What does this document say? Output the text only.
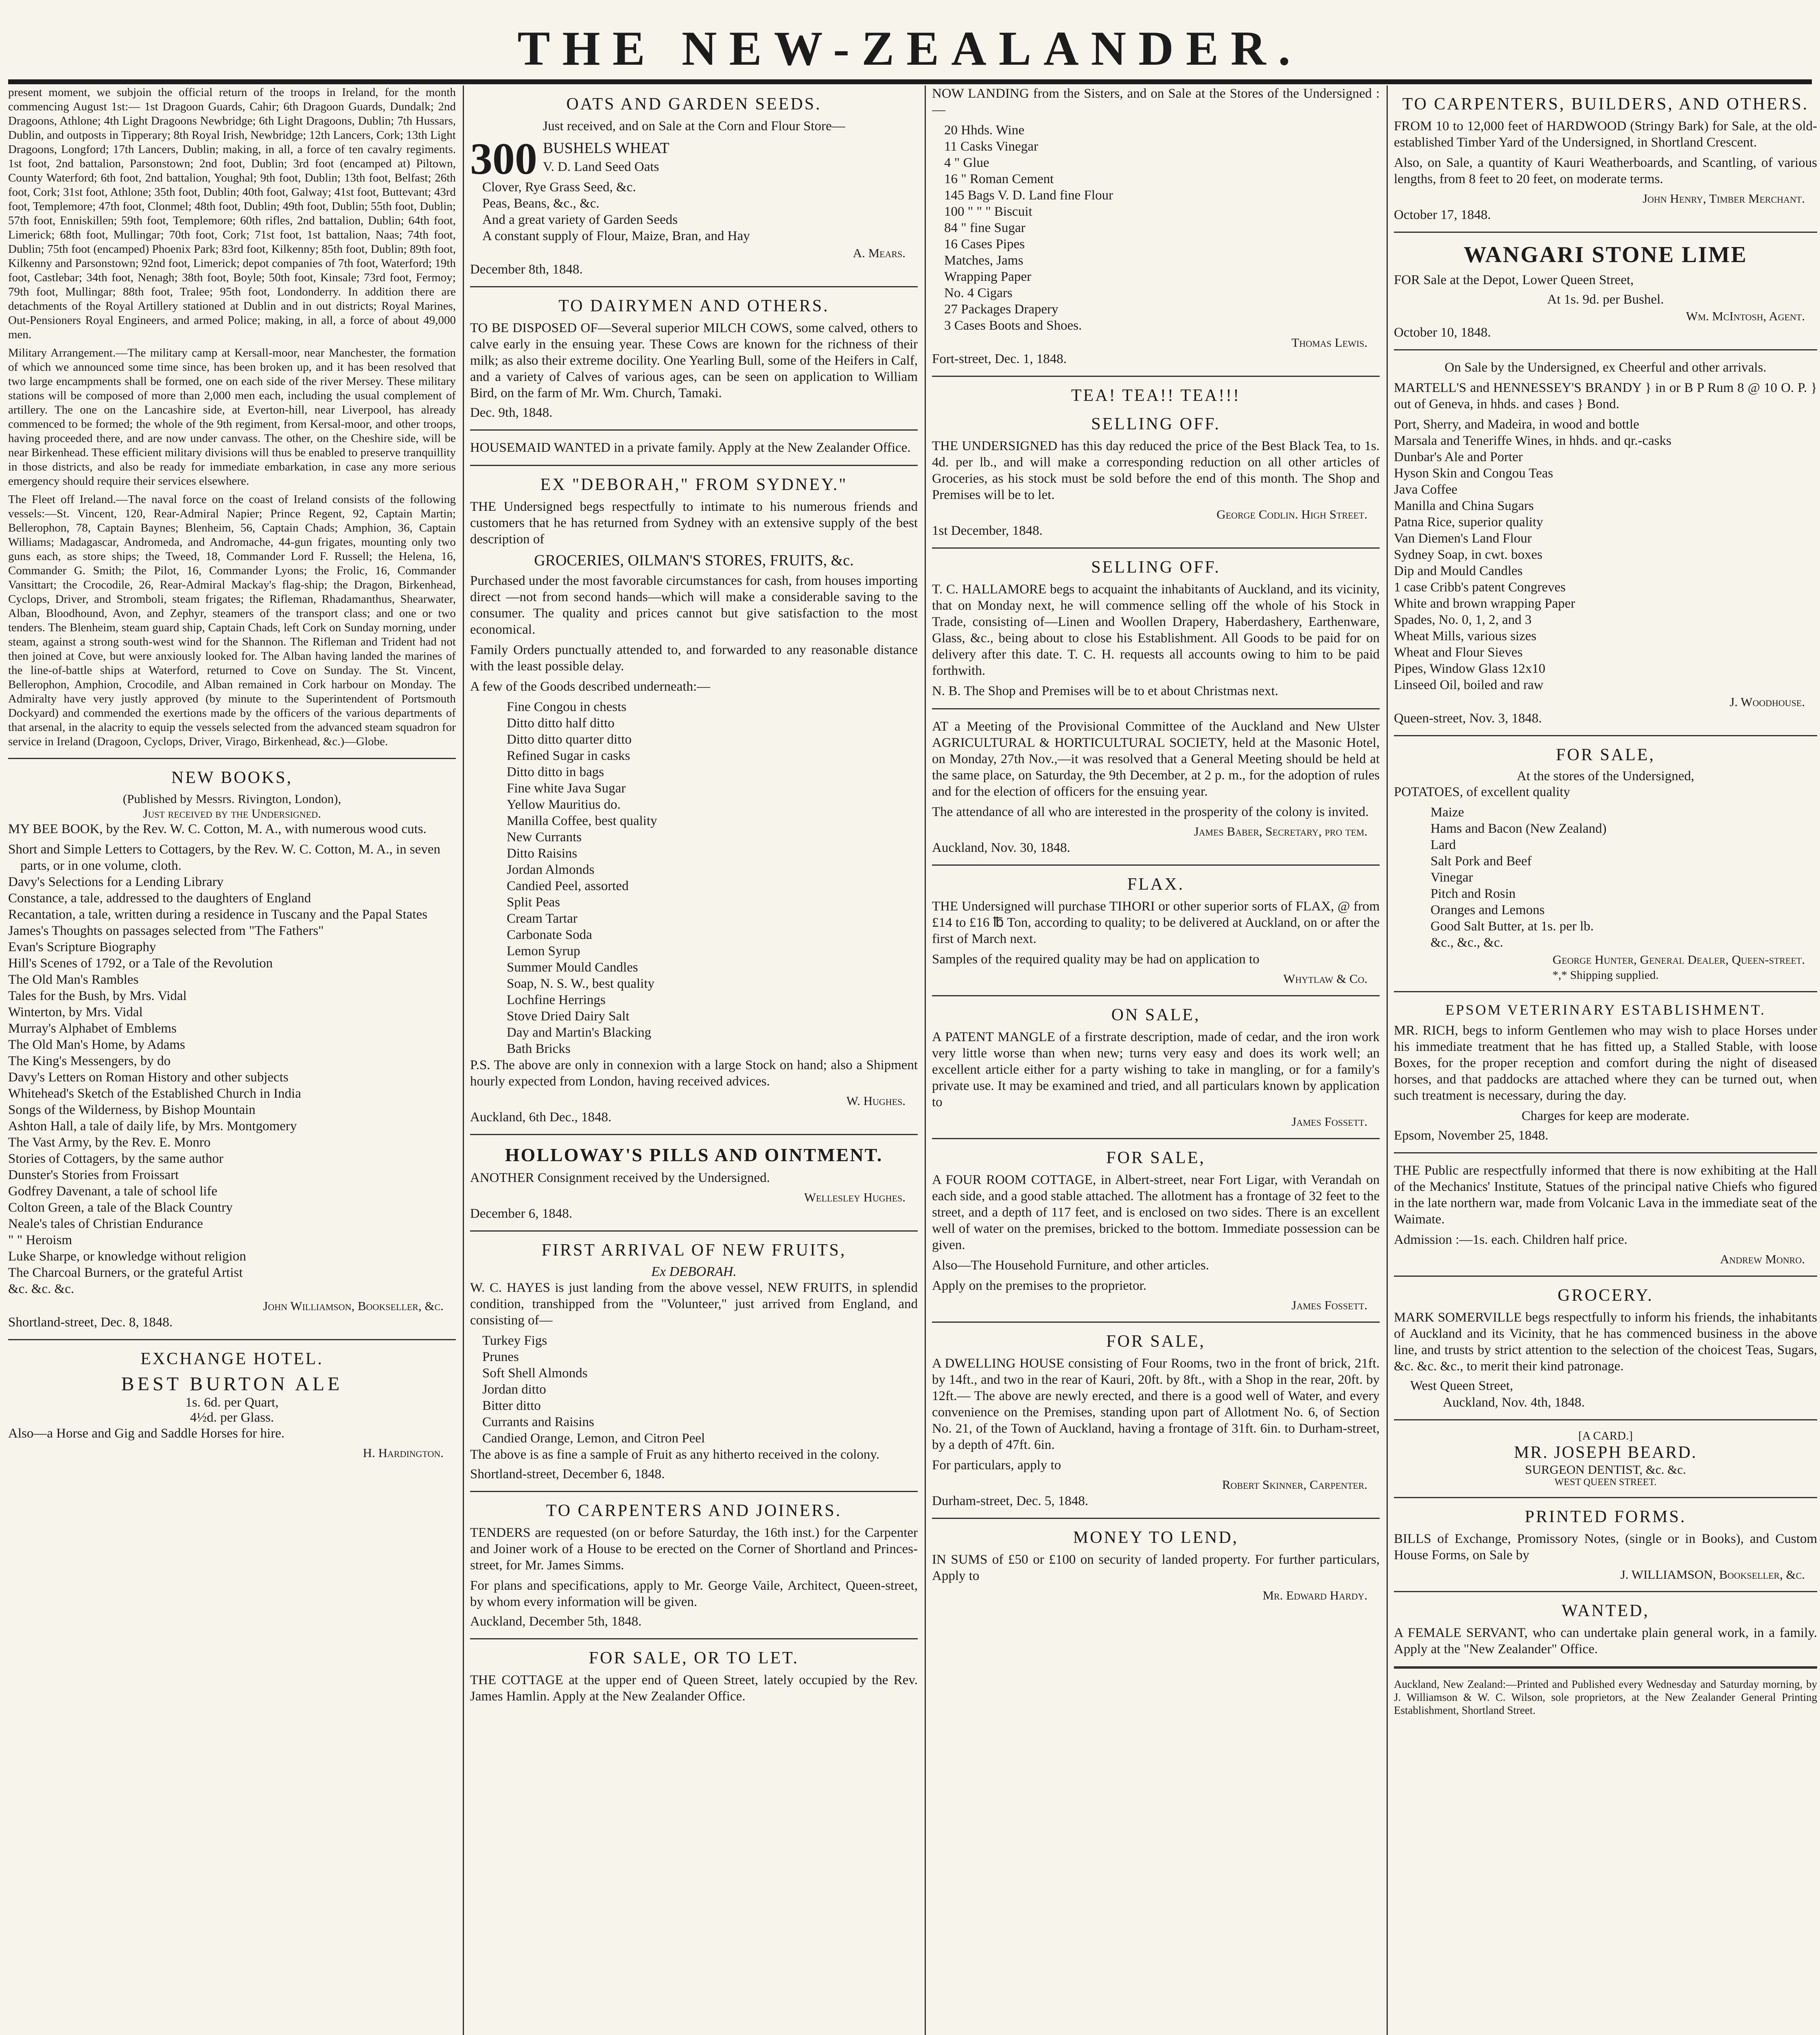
THE NEW-ZEALANDER.

present moment, we subjoin the official return of the troops in Ireland, for the month commencing August 1st:— 1st Dragoon Guards, Cahir; 6th Dragoon Guards, Dundalk; 2nd Dragoons, Athlone; 4th Light Dragoons Newbridge; 6th Light Dragoons, Dublin; 7th Hussars, Dublin, and outposts in Tipperary; 8th Royal Irish, Newbridge; 12th Lancers, Cork; 13th Light Dragoons, Longford; 17th Lancers, Dublin; making, in all, a force of ten cavalry regiments. 1st foot, 2nd battalion, Parsonstown; 2nd foot, Dublin; 3rd foot (encamped at) Piltown, County Waterford; 6th foot, 2nd battalion, Youghal; 9th foot, Dublin; 13th foot, Belfast; 26th foot, Cork; 31st foot, Athlone; 35th foot, Dublin; 40th foot, Galway; 41st foot, Buttevant; 43rd foot, Templemore; 47th foot, Clonmel; 48th foot, Dublin; 49th foot, Dublin; 55th foot, Dublin; 57th foot, Enniskillen; 59th foot, Templemore; 60th rifles, 2nd battalion, Dublin; 64th foot, Limerick; 68th foot, Mullingar; 70th foot, Cork; 71st foot, 1st battalion, Naas; 74th foot, Dublin; 75th foot (encamped) Phoenix Park; 83rd foot, Kilkenny; 85th foot, Dublin; 89th foot, Kilkenny and Parsonstown; 92nd foot, Limerick; depot companies of 7th foot, Waterford; 19th foot, Castlebar; 34th foot, Nenagh; 38th foot, Boyle; 50th foot, Kinsale; 73rd foot, Fermoy; 79th foot, Mullingar; 88th foot, Tralee; 95th foot, Londonderry. In addition there are detachments of the Royal Artillery stationed at Dublin and in out districts; Royal Marines, Out-Pensioners Royal Engineers, and armed Police; making, in all, a force of about 49,000 men.

Military Arrangement.—The military camp at Kersall-moor, near Manchester, the formation of which we announced some time since, has been broken up, and it has been resolved that two large encampments shall be formed, one on each side of the river Mersey. These military stations will be composed of more than 2,000 men each, including the usual complement of artillery. The one on the Lancashire side, at Everton-hill, near Liverpool, has already commenced to be formed; the whole of the 9th regiment, from Kersal-moor, and other troops, having proceeded there, and are now under canvass. The other, on the Cheshire side, will be near Birkenhead. These efficient military divisions will thus be enabled to preserve tranquillity in those districts, and also be ready for immediate embarkation, in case any more serious emergency should require their services elsewhere.

The Fleet off Ireland.—The naval force on the coast of Ireland consists of the following vessels:—St. Vincent, 120, Rear-Admiral Napier; Prince Regent, 92, Captain Martin; Bellerophon, 78, Captain Baynes; Blenheim, 56, Captain Chads; Amphion, 36, Captain Williams; Madagascar, Andromeda, and Andromache, 44-gun frigates, mounting only two guns each, as store ships; the Tweed, 18, Commander Lord F. Russell; the Helena, 16, Commander G. Smith; the Pilot, 16, Commander Lyons; the Frolic, 16, Commander Vansittart; the Crocodile, 26, Rear-Admiral Mackay's flag-ship; the Dragon, Birkenhead, Cyclops, Driver, and Stromboli, steam frigates; the Rifleman, Rhadamanthus, Shearwater, Alban, Bloodhound, Avon, and Zephyr, steamers of the transport class; and one or two tenders. The Blenheim, steam guard ship, Captain Chads, left Cork on Sunday morning, under steam, against a strong south-west wind for the Shannon. The Rifleman and Trident had not then joined at Cove, but were anxiously looked for. The Alban having landed the marines of the line-of-battle ships at Waterford, returned to Cove on Sunday. The St. Vincent, Bellerophon, Amphion, Crocodile, and Alban remained in Cork harbour on Monday. The Admiralty have very justly approved (by minute to the Superintendent of Portsmouth Dockyard) and commended the exertions made by the officers of the various departments of that arsenal, in the alacrity to equip the vessels selected from the advanced steam squadron for service in Ireland (Dragoon, Cyclops, Driver, Virago, Birkenhead, &c.)—Globe.

NEW BOOKS,
(Published by Messrs. Rivington, London),
Just received by the Undersigned.

MY BEE BOOK, by the Rev. W. C. Cotton, M. A., with numerous wood cuts.

Short and Simple Letters to Cottagers, by the Rev. W. C. Cotton, M. A., in seven parts, or in one volume, cloth.
Davy's Selections for a Lending Library
Constance, a tale, addressed to the daughters of England
Recantation, a tale, written during a residence in Tuscany and the Papal States
James's Thoughts on passages selected from "The Fathers"
Evan's Scripture Biography
Hill's Scenes of 1792, or a Tale of the Revolution
The Old Man's Rambles
Tales for the Bush, by Mrs. Vidal
Winterton, by Mrs. Vidal
Murray's Alphabet of Emblems
The Old Man's Home, by Adams
The King's Messengers, by do
Davy's Letters on Roman History and other subjects
Whitehead's Sketch of the Established Church in India
Songs of the Wilderness, by Bishop Mountain
Ashton Hall, a tale of daily life, by Mrs. Montgomery
The Vast Army, by the Rev. E. Monro
Stories of Cottagers, by the same author
Dunster's Stories from Froissart
Godfrey Davenant, a tale of school life
Colton Green, a tale of the Black Country
Neale's tales of Christian Endurance
" " Heroism
Luke Sharpe, or knowledge without religion
The Charcoal Burners, or the grateful Artist
&c. &c. &c.
John Williamson, Bookseller, &c.
Shortland-street, Dec. 8, 1848.
EXCHANGE HOTEL.
BEST BURTON ALE
1s. 6d. per Quart,
4½d. per Glass.

Also—a Horse and Gig and Saddle Horses for hire.

H. Hardington.
OATS AND GARDEN SEEDS.

Just received, and on Sale at the Corn and Flour Store—

300 BUSHELS WHEAT
V. D. Land Seed Oats
Clover, Rye Grass Seed, &c.
Peas, Beans, &c., &c.
And a great variety of Garden Seeds
A constant supply of Flour, Maize, Bran, and Hay
A. Mears.
December 8th, 1848.
TO DAIRYMEN AND OTHERS.

TO BE DISPOSED OF—Several superior MILCH COWS, some calved, others to calve early in the ensuing year. These Cows are known for the richness of their milk; as also their extreme docility. One Yearling Bull, some of the Heifers in Calf, and a variety of Calves of various ages, can be seen on application to William Bird, on the farm of Mr. Wm. Church, Tamaki.

Dec. 9th, 1848.

HOUSEMAID WANTED in a private family. Apply at the New Zealander Office.

EX "DEBORAH," FROM SYDNEY."

THE Undersigned begs respectfully to intimate to his numerous friends and customers that he has returned from Sydney with an extensive supply of the best description of

GROCERIES, OILMAN'S STORES, FRUITS, &c.

Purchased under the most favorable circumstances for cash, from houses importing direct —not from second hands—which will make a considerable saving to the consumer. The quality and prices cannot but give satisfaction to the most economical.

Family Orders punctually attended to, and forwarded to any reasonable distance with the least possible delay.

A few of the Goods described underneath:—

Fine Congou in chests
Ditto ditto half ditto
Ditto ditto quarter ditto
Refined Sugar in casks
Ditto ditto in bags
Fine white Java Sugar
Yellow Mauritius do.
Manilla Coffee, best quality
New Currants
Ditto Raisins
Jordan Almonds
Candied Peel, assorted
Split Peas
Cream Tartar
Carbonate Soda
Lemon Syrup
Summer Mould Candles
Soap, N. S. W., best quality
Lochfine Herrings
Stove Dried Dairy Salt
Day and Martin's Blacking
Bath Bricks

P.S. The above are only in connexion with a large Stock on hand; also a Shipment hourly expected from London, having received advices.

W. Hughes.
Auckland, 6th Dec., 1848.
HOLLOWAY'S PILLS AND OINTMENT.

ANOTHER Consignment received by the Undersigned.

Wellesley Hughes.
December 6, 1848.
FIRST ARRIVAL OF NEW FRUITS,
Ex DEBORAH.

W. C. HAYES is just landing from the above vessel, NEW FRUITS, in splendid condition, transhipped from the "Volunteer," just arrived from England, and consisting of—

Turkey Figs
Prunes
Soft Shell Almonds
Jordan ditto
Bitter ditto
Currants and Raisins
Candied Orange, Lemon, and Citron Peel

The above is as fine a sample of Fruit as any hitherto received in the colony.

Shortland-street, December 6, 1848.
TO CARPENTERS AND JOINERS.

TENDERS are requested (on or before Saturday, the 16th inst.) for the Carpenter and Joiner work of a House to be erected on the Corner of Shortland and Princes-street, for Mr. James Simms.

For plans and specifications, apply to Mr. George Vaile, Architect, Queen-street, by whom every information will be given.

Auckland, December 5th, 1848.
FOR SALE, OR TO LET.

THE COTTAGE at the upper end of Queen Street, lately occupied by the Rev. James Hamlin. Apply at the New Zealander Office.

NOW LANDING from the Sisters, and on Sale at the Stores of the Undersigned :—

20 Hhds. Wine
11 Casks Vinegar
4 " Glue
16 " Roman Cement
145 Bags V. D. Land fine Flour
100 " " " Biscuit
84 " fine Sugar
16 Cases Pipes
Matches, Jams
Wrapping Paper
No. 4 Cigars
27 Packages Drapery
3 Cases Boots and Shoes.
Thomas Lewis.
Fort-street, Dec. 1, 1848.
TEA! TEA!! TEA!!!
SELLING OFF.

THE UNDERSIGNED has this day reduced the price of the Best Black Tea, to 1s. 4d. per lb., and will make a corresponding reduction on all other articles of Groceries, as his stock must be sold before the end of this month. The Shop and Premises will be to let.

George Codlin. High Street.
1st December, 1848.
SELLING OFF.

T. C. HALLAMORE begs to acquaint the inhabitants of Auckland, and its vicinity, that on Monday next, he will commence selling off the whole of his Stock in Trade, consisting of—Linen and Woollen Drapery, Haberdashery, Earthenware, Glass, &c., being about to close his Establishment. All Goods to be paid for on delivery after this date. T. C. H. requests all accounts owing to him to be paid forthwith.

N. B. The Shop and Premises will be to et about Christmas next.

AT a Meeting of the Provisional Committee of the Auckland and New Ulster AGRICULTURAL & HORTICULTURAL SOCIETY, held at the Masonic Hotel, on Monday, 27th Nov.,—it was resolved that a General Meeting should be held at the same place, on Saturday, the 9th December, at 2 p. m., for the adoption of rules and for the election of officers for the ensuing year.

The attendance of all who are interested in the prosperity of the colony is invited.

James Baber, Secretary, pro tem.
Auckland, Nov. 30, 1848.
FLAX.

THE Undersigned will purchase TIHORI or other superior sorts of FLAX, @ from £14 to £16 ℔ Ton, according to quality; to be delivered at Auckland, on or after the first of March next.

Samples of the required quality may be had on application to

Whytlaw & Co.
ON SALE,

A PATENT MANGLE of a firstrate description, made of cedar, and the iron work very little worse than when new; turns very easy and does its work well; an excellent article either for a party wishing to take in mangling, or for a family's private use. It may be examined and tried, and all particulars known by application to

James Fossett.
FOR SALE,

A FOUR ROOM COTTAGE, in Albert-street, near Fort Ligar, with Verandah on each side, and a good stable attached. The allotment has a frontage of 32 feet to the street, and a depth of 117 feet, and is enclosed on two sides. There is an excellent well of water on the premises, bricked to the bottom. Immediate possession can be given.

Also—The Household Furniture, and other articles.

Apply on the premises to the proprietor.

James Fossett.
FOR SALE,

A DWELLING HOUSE consisting of Four Rooms, two in the front of brick, 21ft. by 14ft., and two in the rear of Kauri, 20ft. by 8ft., with a Shop in the rear, 20ft. by 12ft.— The above are newly erected, and there is a good well of Water, and every convenience on the Premises, standing upon part of Allotment No. 6, of Section No. 21, of the Town of Auckland, having a frontage of 31ft. 6in. to Durham-street, by a depth of 47ft. 6in.

For particulars, apply to

Robert Skinner, Carpenter.
Durham-street, Dec. 5, 1848.
MONEY TO LEND,

IN SUMS of £50 or £100 on security of landed property. For further particulars, Apply to

Mr. Edward Hardy.
TO CARPENTERS, BUILDERS, AND OTHERS.

FROM 10 to 12,000 feet of HARDWOOD (Stringy Bark) for Sale, at the old-established Timber Yard of the Undersigned, in Shortland Crescent.

Also, on Sale, a quantity of Kauri Weatherboards, and Scantling, of various lengths, from 8 feet to 20 feet, on moderate terms.

John Henry, Timber Merchant.
October 17, 1848.
WANGARI STONE LIME

FOR Sale at the Depot, Lower Queen Street,

At 1s. 9d. per Bushel.
Wm. McIntosh, Agent.
October 10, 1848.

On Sale by the Undersigned, ex Cheerful and other arrivals.

MARTELL'S and HENNESSEY'S BRANDY } in or B P Rum 8 @ 10 O. P. } out of Geneva, in hhds. and cases } Bond.

Port, Sherry, and Madeira, in wood and bottle
Marsala and Teneriffe Wines, in hhds. and qr.-casks
Dunbar's Ale and Porter
Hyson Skin and Congou Teas
Java Coffee
Manilla and China Sugars
Patna Rice, superior quality
Van Diemen's Land Flour
Sydney Soap, in cwt. boxes
Dip and Mould Candles
1 case Cribb's patent Congreves
White and brown wrapping Paper
Spades, No. 0, 1, 2, and 3
Wheat Mills, various sizes
Wheat and Flour Sieves
Pipes, Window Glass 12x10
Linseed Oil, boiled and raw
J. Woodhouse.
Queen-street, Nov. 3, 1848.
FOR SALE,
At the stores of the Undersigned,

POTATOES, of excellent quality

Maize
Hams and Bacon (New Zealand)
Lard
Salt Pork and Beef
Vinegar
Pitch and Rosin
Oranges and Lemons
Good Salt Butter, at 1s. per lb.
&c., &c., &c.
George Hunter, General Dealer, Queen-street.
*,* Shipping supplied.
EPSOM VETERINARY ESTABLISHMENT.

MR. RICH, begs to inform Gentlemen who may wish to place Horses under his immediate treatment that he has fitted up, a Stalled Stable, with loose Boxes, for the proper reception and comfort during the night of diseased horses, and that paddocks are attached where they can be turned out, when such treatment is necessary, during the day.

Charges for keep are moderate.

Epsom, November 25, 1848.

THE Public are respectfully informed that there is now exhibiting at the Hall of the Mechanics' Institute, Statues of the principal native Chiefs who figured in the late northern war, made from Volcanic Lava in the immediate seat of the Waimate.

Admission :—1s. each. Children half price.

Andrew Monro.
GROCERY.

MARK SOMERVILLE begs respectfully to inform his friends, the inhabitants of Auckland and its Vicinity, that he has commenced business in the above line, and trusts by strict attention to the selection of the choicest Teas, Sugars, &c. &c. &c., to merit their kind patronage.

West Queen Street,
Auckland, Nov. 4th, 1848.
[A CARD.]
MR. JOSEPH BEARD.
SURGEON DENTIST, &c. &c.
WEST QUEEN STREET.
PRINTED FORMS.

BILLS of Exchange, Promissory Notes, (single or in Books), and Custom House Forms, on Sale by

J. WILLIAMSON, Bookseller, &c.
WANTED,

A FEMALE SERVANT, who can undertake plain general work, in a family. Apply at the "New Zealander" Office.

Auckland, New Zealand:—Printed and Published every Wednesday and Saturday morning, by J. Williamson & W. C. Wilson, sole proprietors, at the New Zealander General Printing Establishment, Shortland Street.
